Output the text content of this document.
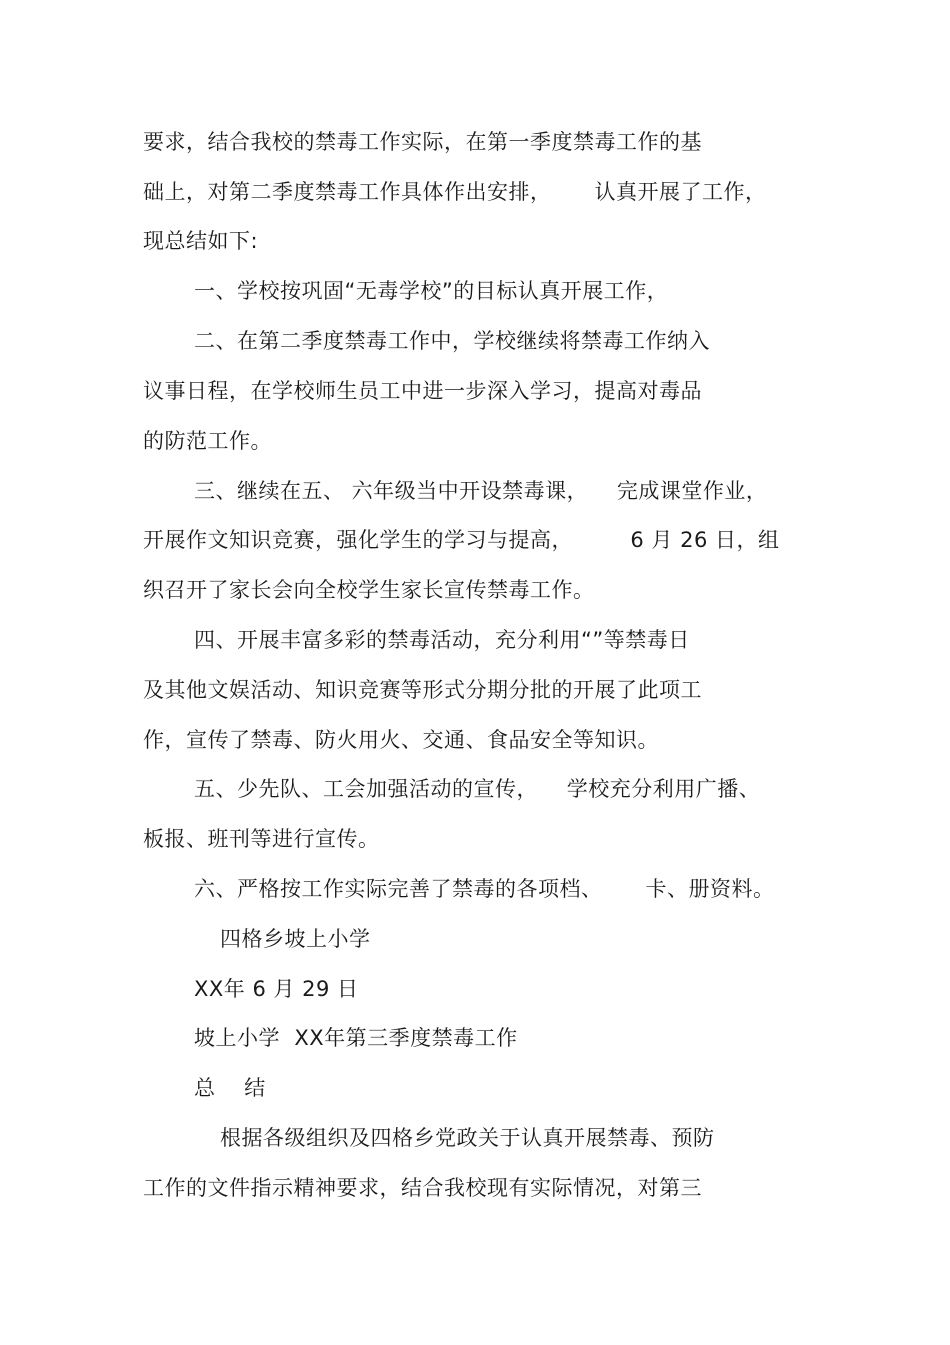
要求，结合我校的禁毒工作实际，在第一季度禁毒工作的基
础上，对第二季度禁毒工作具体作出安排，      认真开展了工作，
现总结如下:
一、学校按巩固“无毒学校”的目标认真开展工作，
二、在第二季度禁毒工作中，学校继续将禁毒工作纳入
议事日程，在学校师生员工中进一步深入学习，提高对毒品
的防范工作。
三、继续在五、 六年级当中开设禁毒课，    完成课堂作业，
开展作文知识竞赛，强化学生的学习与提高，        6 月 26 日，组
织召开了家长会向全校学生家长宣传禁毒工作。
四、开展丰富多彩的禁毒活动，充分利用“”等禁毒日
及其他文娱活动、知识竞赛等形式分期分批的开展了此项工
作，宣传了禁毒、防火用火、交通、食品安全等知识。
五、少先队、工会加强活动的宣传，    学校充分利用广播、
板报、班刊等进行宣传。
六、严格按工作实际完善了禁毒的各项档、      卡、册资料。
四格乡坡上小学
XX年 6 月 29 日
坡上小学  XX年第三季度禁毒工作
总    结
根据各级组织及四格乡党政关于认真开展禁毒、预防
工作的文件指示精神要求，结合我校现有实际情况，对第三
